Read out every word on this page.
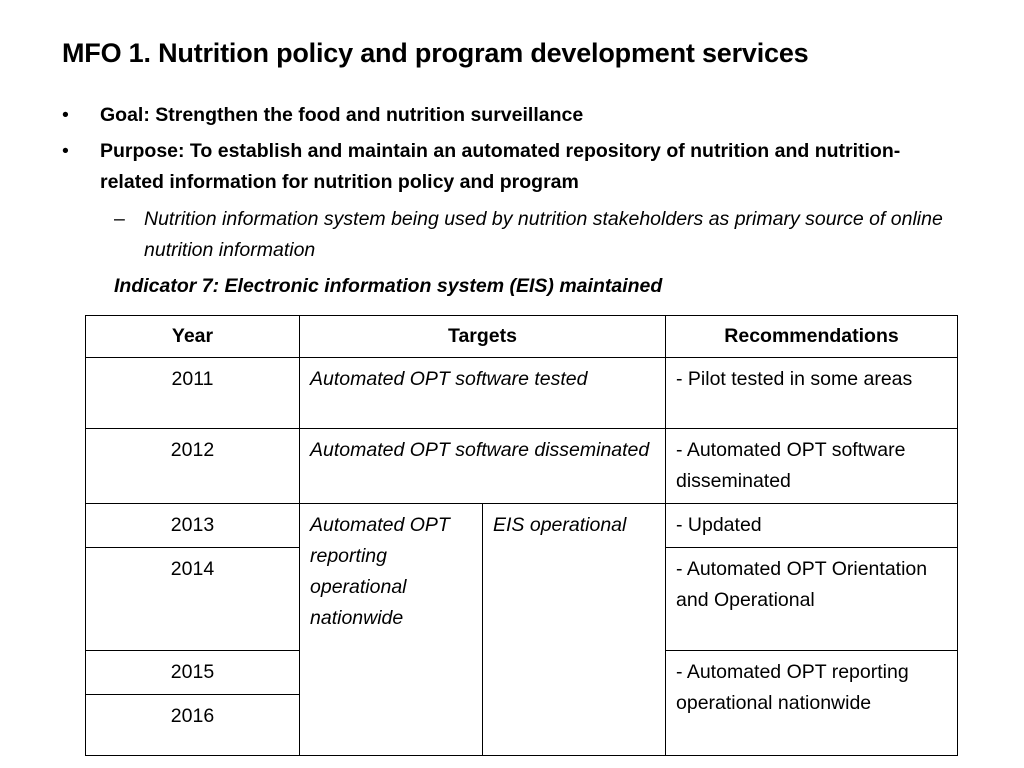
MFO 1. Nutrition policy and program development services
•	Goal: Strengthen the food and nutrition surveillance
•	Purpose: To establish and maintain an automated repository of nutrition and nutrition-related information for nutrition policy and program
– Nutrition information system being used by nutrition stakeholders as primary source of online nutrition information
Indicator 7: Electronic information system (EIS) maintained
Year	Targets		Recommendations
2011	Automated OPT software tested		- Pilot tested in some areas
2012	Automated OPT software disseminated		- Automated OPT software disseminated
2013	Automated OPT reporting operational nationwide	EIS operational	- Updated
2014			- Automated OPT Orientation and Operational
2015			- Automated OPT reporting operational nationwide
2016			
